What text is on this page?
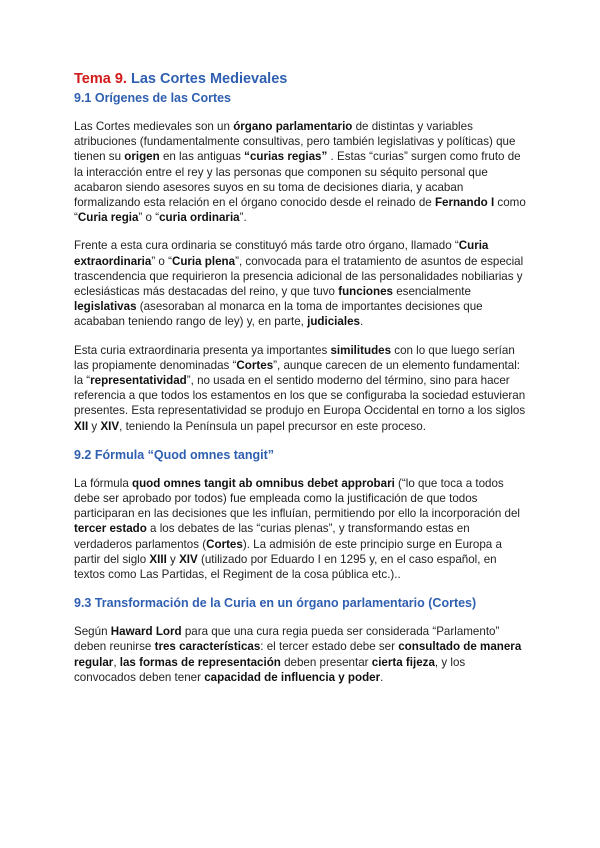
Tema 9. Las Cortes Medievales
9.1 Orígenes de las Cortes

Las Cortes medievales son un órgano parlamentario de distintas y variables atribuciones (fundamentalmente consultivas, pero también legislativas y políticas) que tienen su origen en las antiguas “curias regias” . Estas “curias” surgen como fruto de la interacción entre el rey y las personas que componen su séquito personal que acabaron siendo asesores suyos en su toma de decisiones diaria, y acaban formalizando esta relación en el órgano conocido desde el reinado de Fernando I como “Curia regia” o “curia ordinaria”.

Frente a esta cura ordinaria se constituyó más tarde otro órgano, llamado “Curia extraordinaria” o “Curia plena”, convocada para el tratamiento de asuntos de especial trascendencia que requirieron la presencia adicional de las personalidades nobiliarias y eclesiásticas más destacadas del reino, y que tuvo funciones esencialmente legislativas (asesoraban al monarca en la toma de importantes decisiones que acababan teniendo rango de ley) y, en parte, judiciales.

Esta curia extraordinaria presenta ya importantes similitudes con lo que luego serían las propiamente denominadas “Cortes”, aunque carecen de un elemento fundamental: la “representatividad”, no usada en el sentido moderno del término, sino para hacer referencia a que todos los estamentos en los que se configuraba la sociedad estuvieran presentes. Esta representatividad se produjo en Europa Occidental en torno a los siglos XII y XIV, teniendo la Península un papel precursor en este proceso.

9.2 Fórmula “Quod omnes tangit”

La fórmula quod omnes tangit ab omnibus debet approbari (“lo que toca a todos debe ser aprobado por todos) fue empleada como la justificación de que todos participaran en las decisiones que les influían, permitiendo por ello la incorporación del tercer estado a los debates de las “curias plenas”, y transformando estas en verdaderos parlamentos (Cortes). La admisión de este principio surge en Europa a partir del siglo XIII y XIV (utilizado por Eduardo I en 1295 y, en el caso español, en textos como Las Partidas, el Regiment de la cosa pública etc.)..

9.3 Transformación de la Curia en un órgano parlamentario (Cortes)

Según Haward Lord para que una cura regia pueda ser considerada “Parlamento” deben reunirse tres características: el tercer estado debe ser consultado de manera regular, las formas de representación deben presentar cierta fijeza, y los convocados deben tener capacidad de influencia y poder.
